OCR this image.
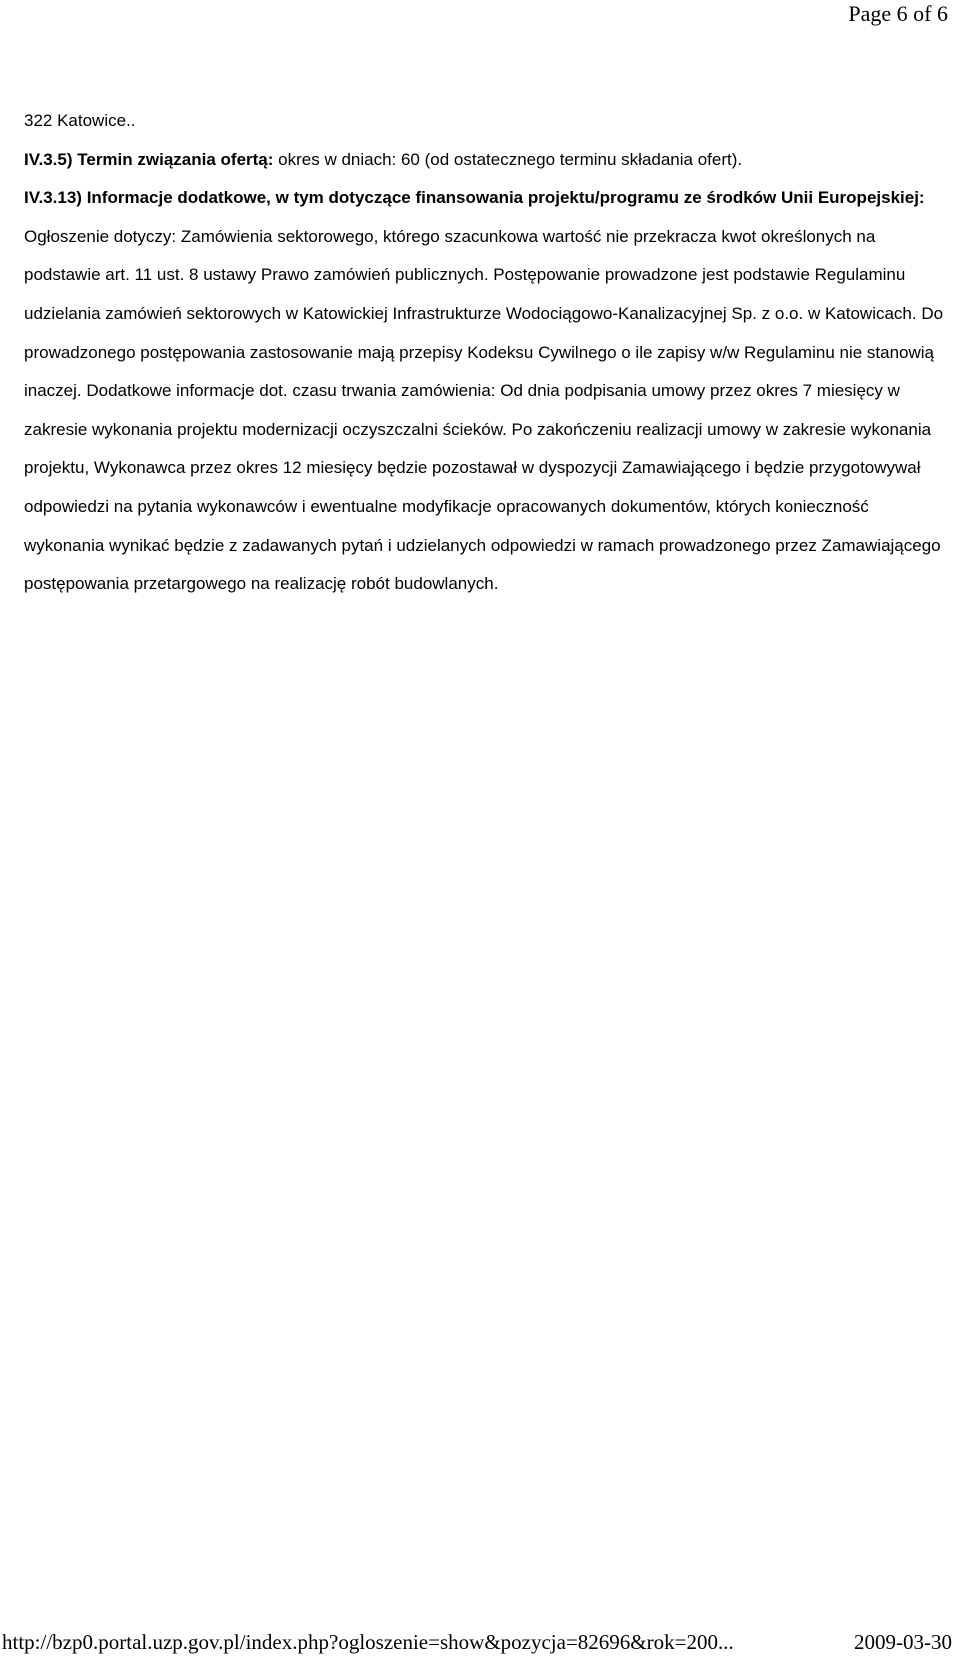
Page 6 of 6

322 Katowice..

IV.3.5) Termin związania ofertą: okres w dniach: 60 (od ostatecznego terminu składania ofert).

IV.3.13) Informacje dodatkowe, w tym dotyczące finansowania projektu/programu ze środków Unii Europejskiej: Ogłoszenie dotyczy: Zamówienia sektorowego, którego szacunkowa wartość nie przekracza kwot określonych na podstawie art. 11 ust. 8 ustawy Prawo zamówień publicznych. Postępowanie prowadzone jest podstawie Regulaminu udzielania zamówień sektorowych w Katowickiej Infrastrukturze Wodociągowo-Kanalizacyjnej Sp. z o.o. w Katowicach. Do prowadzonego postępowania zastosowanie mają przepisy Kodeksu Cywilnego o ile zapisy w/w Regulaminu nie stanowią inaczej. Dodatkowe informacje dot. czasu trwania zamówienia: Od dnia podpisania umowy przez okres 7 miesięcy w zakresie wykonania projektu modernizacji oczyszczalni ścieków. Po zakończeniu realizacji umowy w zakresie wykonania projektu, Wykonawca przez okres 12 miesięcy będzie pozostawał w dyspozycji Zamawiającego i będzie przygotowywał odpowiedzi na pytania wykonawców i ewentualne modyfikacje opracowanych dokumentów, których konieczność wykonania wynikać będzie z zadawanych pytań i udzielanych odpowiedzi w ramach prowadzonego przez Zamawiającego postępowania przetargowego na realizację robót budowlanych.

http://bzp0.portal.uzp.gov.pl/index.php?ogloszenie=show&pozycja=82696&rok=200...	2009-03-30
